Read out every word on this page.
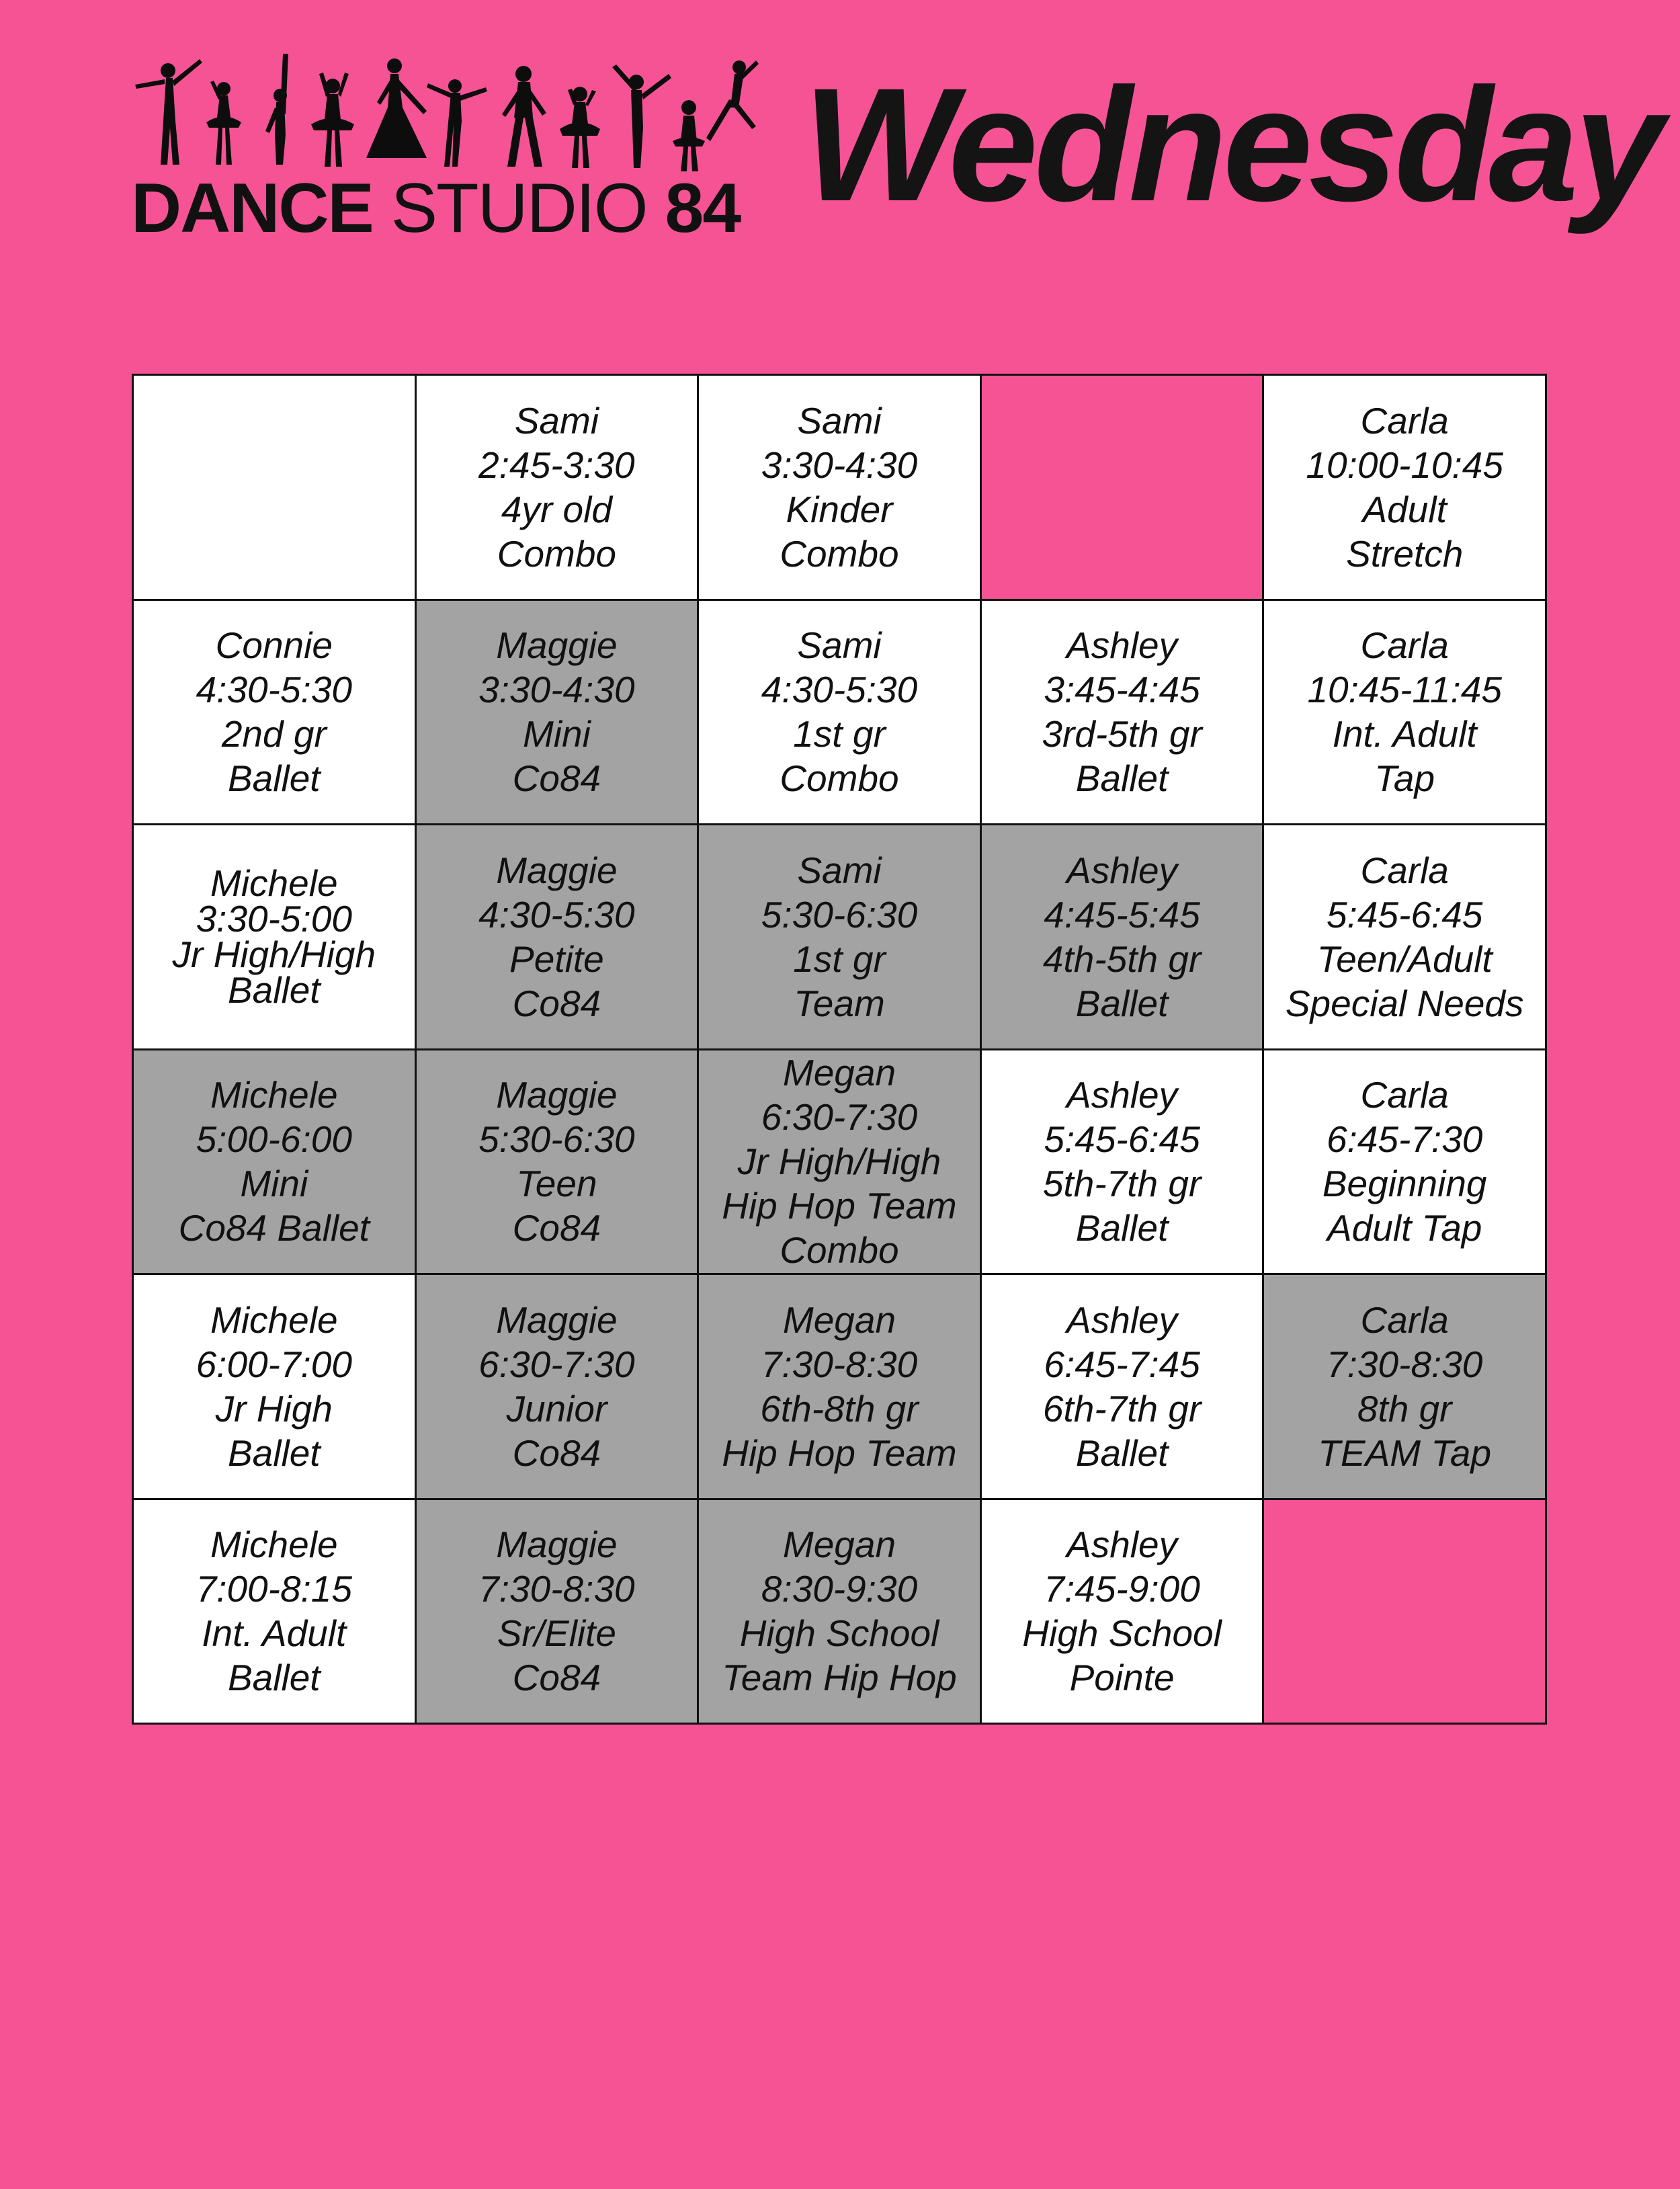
DANCE STUDIO 84 Wednesday
Sami
2:45-3:30
4yr old
Combo
Sami
3:30-4:30
Kinder
Combo
Carla
10:00-10:45
Adult
Stretch
Connie
4:30-5:30
2nd gr
Ballet
Maggie
3:30-4:30
Mini
Co84
Sami
4:30-5:30
1st gr
Combo
Ashley
3:45-4:45
3rd-5th gr
Ballet
Carla
10:45-11:45
Int. Adult
Tap
Michele
3:30-5:00
Jr High/High
Ballet
Maggie
4:30-5:30
Petite
Co84
Sami
5:30-6:30
1st gr
Team
Ashley
4:45-5:45
4th-5th gr
Ballet
Carla
5:45-6:45
Teen/Adult
Special Needs
Michele
5:00-6:00
Mini
Co84 Ballet
Maggie
5:30-6:30
Teen
Co84
Megan
6:30-7:30
Jr High/High
Hip Hop Team
Combo
Ashley
5:45-6:45
5th-7th gr
Ballet
Carla
6:45-7:30
Beginning
Adult Tap
Michele
6:00-7:00
Jr High
Ballet
Maggie
6:30-7:30
Junior
Co84
Megan
7:30-8:30
6th-8th gr
Hip Hop Team
Ashley
6:45-7:45
6th-7th gr
Ballet
Carla
7:30-8:30
8th gr
TEAM Tap
Michele
7:00-8:15
Int. Adult
Ballet
Maggie
7:30-8:30
Sr/Elite
Co84
Megan
8:30-9:30
High School
Team Hip Hop
Ashley
7:45-9:00
High School
Pointe
